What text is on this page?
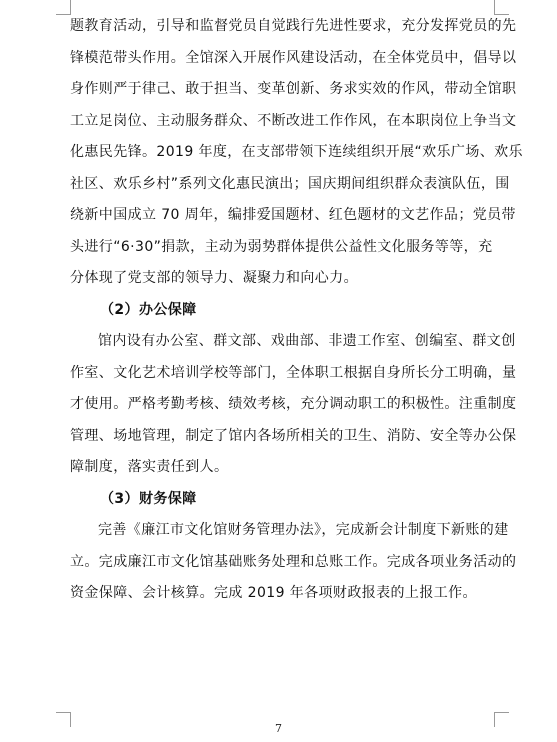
题教育活动，引导和监督党员自觉践行先进性要求，充分发挥党员的先
锋模范带头作用。全馆深入开展作风建设活动，在全体党员中，倡导以
身作则严于律己、敢于担当、变革创新、务求实效的作风，带动全馆职
工立足岗位、主动服务群众、不断改进工作作风，在本职岗位上争当文
化惠民先锋。2019 年度，在支部带领下连续组织开展“欢乐广场、欢乐
社区、欢乐乡村”系列文化惠民演出；国庆期间组织群众表演队伍，围
绕新中国成立 70 周年，编排爱国题材、红色题材的文艺作品；党员带
头进行“6·30”捐款，主动为弱势群体提供公益性文化服务等等，充
分体现了党支部的领导力、凝聚力和向心力。
（2）办公保障
馆内设有办公室、群文部、戏曲部、非遗工作室、创编室、群文创
作室、文化艺术培训学校等部门，全体职工根据自身所长分工明确，量
才使用。严格考勤考核、绩效考核，充分调动职工的积极性。注重制度
管理、场地管理，制定了馆内各场所相关的卫生、消防、安全等办公保
障制度，落实责任到人。
（3）财务保障
完善《廉江市文化馆财务管理办法》，完成新会计制度下新账的建
立。完成廉江市文化馆基础账务处理和总账工作。完成各项业务活动的
资金保障、会计核算。完成 2019 年各项财政报表的上报工作。
7
